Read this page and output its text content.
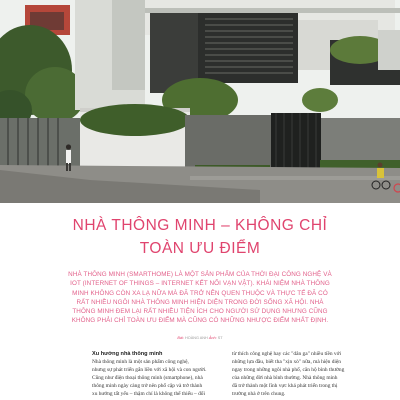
NHÀ THÔNG MINH – KHÔNG CHỈ
TOÀN ƯU ĐIỂM
NHÀ THÔNG MINH (SMARTHOME) LÀ MỘT SẢN PHẨM CỦA THỜI ĐẠI CÔNG NGHỆ VÀ
IOT (INTERNET OF THINGS – INTERNET KẾT NỐI VẠN VẬT). KHÁI NIỆM NHÀ THÔNG
MINH KHÔNG CÒN XA LẠ NỮA MÀ ĐÃ TRỞ NÊN QUEN THUỘC VÀ THỰC TẾ ĐÃ CÓ
RẤT NHIỀU NGÔI NHÀ THÔNG MINH HIỆN DIỆN TRONG ĐỜI SỐNG XÃ HỘI. NHÀ
THÔNG MINH ĐEM LẠI RẤT NHIỀU TIỆN ÍCH CHO NGƯỜI SỬ DỤNG NHƯNG CŨNG
KHÔNG PHẢI CHỈ TOÀN ƯU ĐIỂM MÀ CŨNG CÓ NHỮNG NHƯỢC ĐIỂM NHẤT ĐỊNH.
Bài: HOÀNG ANH Ảnh: ST
Xu hướng nhà thông minh
Nhà thông minh là một sản phẩm công nghệ,
nhưng sự phát triển gắn liền với xã hội và con người.
Cũng như điện thoại thông minh (smartphone), nhà
thông minh ngày càng trở nên phổ cập và trở thành
xu hướng tất yếu – thậm chí là không thể thiếu – đối
từ thích công nghệ hay các "dân ga" nhiều tiền với
những lựa đầu, biết tha "xịn xò" nữa, mà hiện diện
ngay trong những ngôi nhà phố, căn hộ bình thường
của những đời nhà bình thường. Nhà thông minh
đã trở thành một lĩnh vực khá phát triển trong thị
trường nhà ở trên chung.
